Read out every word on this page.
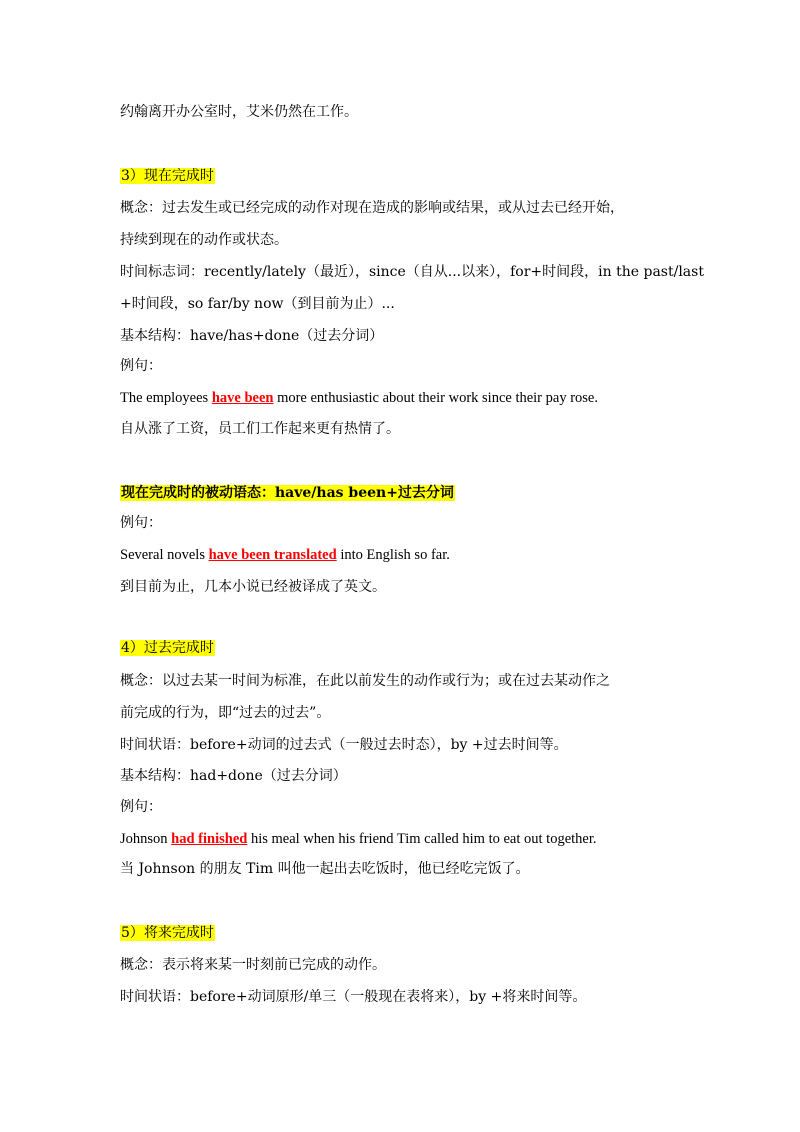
约翰离开办公室时，艾米仍然在工作。
3）现在完成时
概念：过去发生或已经完成的动作对现在造成的影响或结果，或从过去已经开始，
持续到现在的动作或状态。
时间标志词：recently/lately（最近），since（自从...以来），for+时间段，in the past/last
+时间段，so far/by now（到目前为止）...
基本结构：have/has+done（过去分词）
例句：
The employees have been more enthusiastic about their work since their pay rose.
自从涨了工资，员工们工作起来更有热情了。
现在完成时的被动语态：have/has been+过去分词
例句：
Several novels have been translated into English so far.
到目前为止，几本小说已经被译成了英文。
4）过去完成时
概念：以过去某一时间为标准，在此以前发生的动作或行为；或在过去某动作之
前完成的行为，即“过去的过去”。
时间状语：before+动词的过去式（一般过去时态），by +过去时间等。
基本结构：had+done（过去分词）
例句：
Johnson had finished his meal when his friend Tim called him to eat out together.
当 Johnson 的朋友 Tim 叫他一起出去吃饭时，他已经吃完饭了。
5）将来完成时
概念：表示将来某一时刻前已完成的动作。
时间状语：before+动词原形/单三（一般现在表将来），by +将来时间等。
